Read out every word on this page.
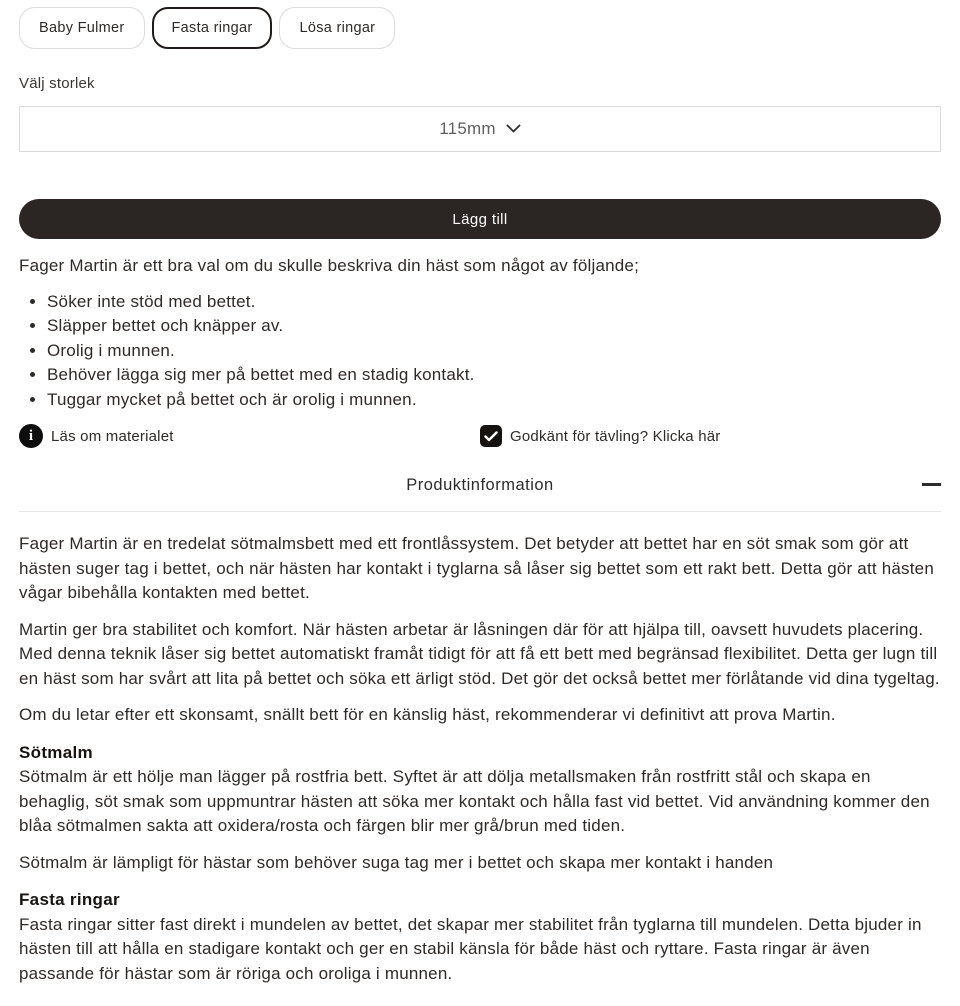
Baby Fulmer	Fasta ringar	Lösa ringar
Välj storlek
115mm
Lägg till

Fager Martin är ett bra val om du skulle beskriva din häst som något av följande;

• Söker inte stöd med bettet.
• Släpper bettet och knäpper av.
• Orolig i munnen.
• Behöver lägga sig mer på bettet med en stadig kontakt.
• Tuggar mycket på bettet och är orolig i munnen.
i	Läs om materialet	Godkänt för tävling? Klicka här
Produktinformation

Fager Martin är en tredelat sötmalmsbett med ett frontlåssystem. Det betyder att bettet har en söt smak som gör att hästen suger tag i bettet, och när hästen har kontakt i tyglarna så låser sig bettet som ett rakt bett. Detta gör att hästen vågar bibehålla kontakten med bettet.

Martin ger bra stabilitet och komfort. När hästen arbetar är låsningen där för att hjälpa till, oavsett huvudets placering. Med denna teknik låser sig bettet automatiskt framåt tidigt för att få ett bett med begränsad flexibilitet. Detta ger lugn till en häst som har svårt att lita på bettet och söka ett ärligt stöd. Det gör det också bettet mer förlåtande vid dina tygeltag.

Om du letar efter ett skonsamt, snällt bett för en känslig häst, rekommenderar vi definitivt att prova Martin.

Sötmalm

Sötmalm är ett hölje man lägger på rostfria bett. Syftet är att dölja metallsmaken från rostfritt stål och skapa en behaglig, söt smak som uppmuntrar hästen att söka mer kontakt och hålla fast vid bettet. Vid användning kommer den blåa sötmalmen sakta att oxidera/rosta och färgen blir mer grå/brun med tiden.

Sötmalm är lämpligt för hästar som behöver suga tag mer i bettet och skapa mer kontakt i handen

Fasta ringar

Fasta ringar sitter fast direkt i mundelen av bettet, det skapar mer stabilitet från tyglarna till mundelen. Detta bjuder in hästen till att hålla en stadigare kontakt och ger en stabil känsla för både häst och ryttare. Fasta ringar är även passande för hästar som är röriga och oroliga i munnen.
